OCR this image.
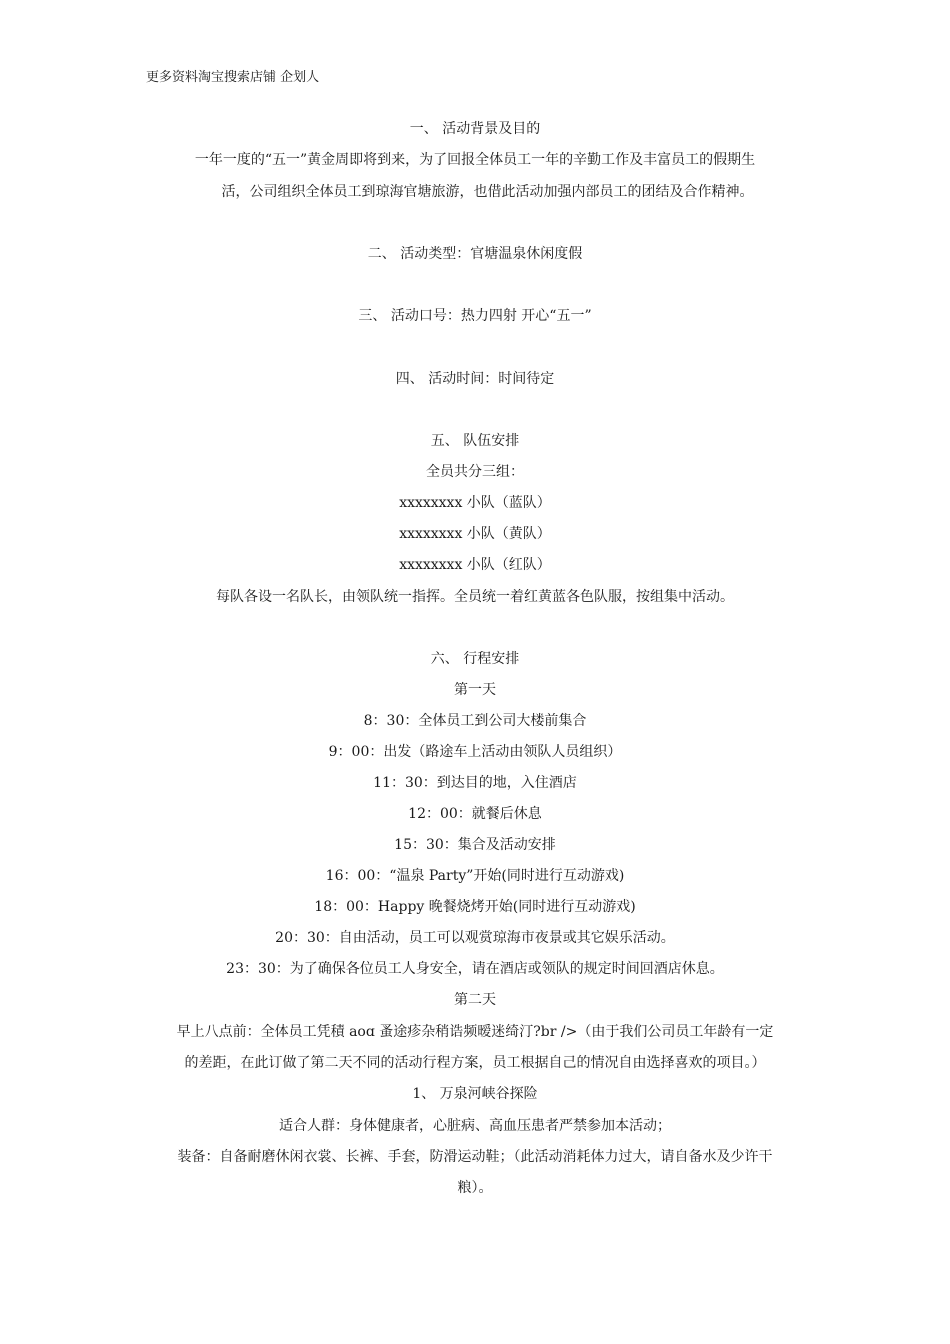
更多资料淘宝搜索店铺 企划人
一、 活动背景及目的
一年一度的“五一”黄金周即将到来，为了回报全体员工一年的辛勤工作及丰富员工的假期生
活，公司组织全体员工到琼海官塘旅游，也借此活动加强内部员工的团结及合作精神。
二、 活动类型：官塘温泉休闲度假
三、 活动口号：热力四射 开心“五一”
四、 活动时间：时间待定
五、 队伍安排
全员共分三组：
xxxxxxxx 小队（蓝队）
xxxxxxxx 小队（黄队）
xxxxxxxx 小队（红队）
每队各设一名队长，由领队统一指挥。全员统一着红黄蓝各色队服，按组集中活动。
六、 行程安排
第一天
8：30：全体员工到公司大楼前集合
9：00：出发（路途车上活动由领队人员组织）
11：30：到达目的地，入住酒店
12：00：就餐后休息
15：30：集合及活动安排
16：00：“温泉 Party”开始(同时进行互动游戏)
18：00：Happy 晚餐烧烤开始(同时进行互动游戏)
20：30：自由活动，员工可以观赏琼海市夜景或其它娱乐活动。
23：30：为了确保各位员工人身安全，请在酒店或领队的规定时间回酒店休息。
第二天
早上八点前：全体员工凭積 aoɑ 蚤途疹杂稍诰频暧迷绮汀?br />（由于我们公司员工年龄有一定
的差距，在此订做了第二天不同的活动行程方案，员工根据自己的情况自由选择喜欢的项目。）
1、 万泉河峡谷探险
适合人群：身体健康者，心脏病、高血压患者严禁参加本活动；
装备：自备耐磨休闲衣裳、长裤、手套，防滑运动鞋；（此活动消耗体力过大，请自备水及少许干
粮）。
